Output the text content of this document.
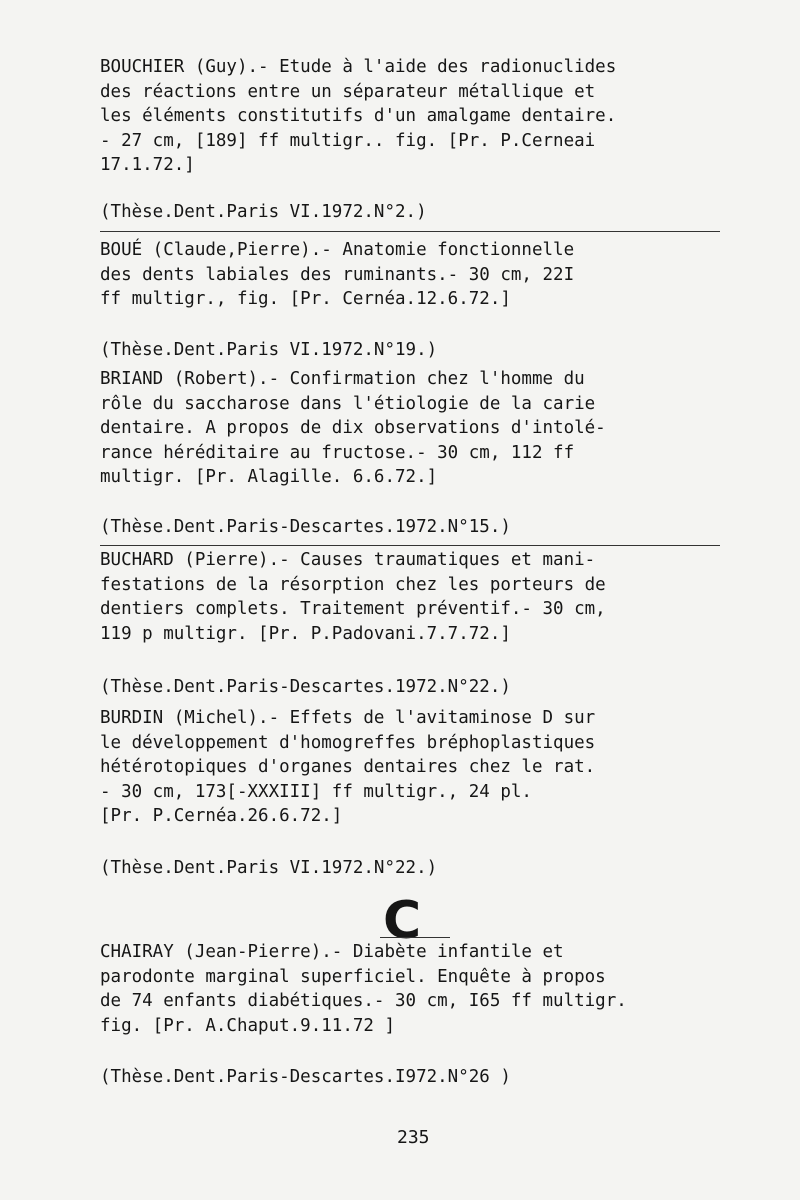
BOUCHIER (Guy).- Etude à l'aide des radionuclides
des réactions entre un séparateur métallique et
les éléments constitutifs d'un amalgame dentaire.
- 27 cm, [189] ff multigr.. fig. [Pr. P.Cerneai
17.1.72.]
(Thèse.Dent.Paris VI.1972.N°2.)
BOUÉ (Claude,Pierre).- Anatomie fonctionnelle
des dents labiales des ruminants.- 30 cm, 22I
ff multigr., fig. [Pr. Cernéa.12.6.72.]
(Thèse.Dent.Paris VI.1972.N°19.)
BRIAND (Robert).- Confirmation chez l'homme du
rôle du saccharose dans l'étiologie de la carie
dentaire. A propos de dix observations d'intolé-
rance héréditaire au fructose.- 30 cm, 112 ff
multigr. [Pr. Alagille. 6.6.72.]
(Thèse.Dent.Paris-Descartes.1972.N°15.)
BUCHARD (Pierre).- Causes traumatiques et mani-
festations de la résorption chez les porteurs de
dentiers complets. Traitement préventif.- 30 cm,
119 p multigr. [Pr. P.Padovani.7.7.72.]
(Thèse.Dent.Paris-Descartes.1972.N°22.)
BURDIN (Michel).- Effets de l'avitaminose D sur
le développement d'homogreffes bréphoplastiques
hétérotopiques d'organes dentaires chez le rat.
- 30 cm, 173[-XXXIII] ff multigr., 24 pl.
[Pr. P.Cernéa.26.6.72.]
(Thèse.Dent.Paris VI.1972.N°22.)
C
CHAIRAY (Jean-Pierre).- Diabète infantile et
parodonte marginal superficiel. Enquête à propos
de 74 enfants diabétiques.- 30 cm, I65 ff multigr.
fig. [Pr. A.Chaput.9.11.72 ]
(Thèse.Dent.Paris-Descartes.I972.N°26 )
235
